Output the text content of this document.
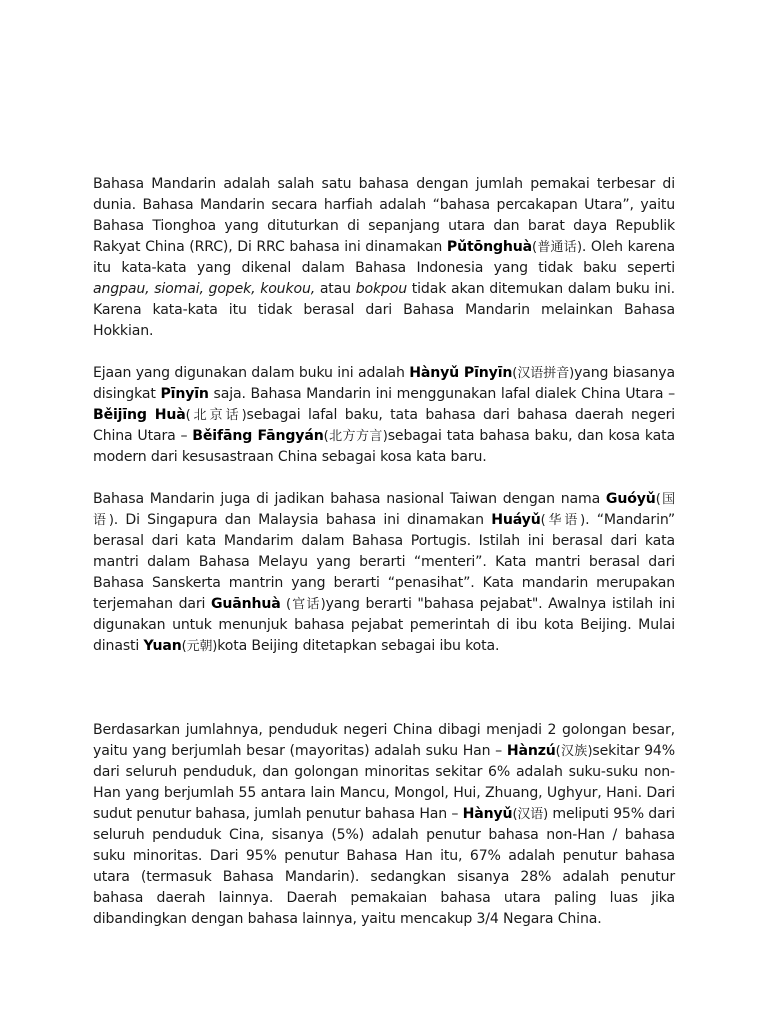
Bahasa Mandarin adalah salah satu bahasa dengan jumlah pemakai terbesar di dunia. Bahasa Mandarin secara harfiah adalah “bahasa percakapan Utara”, yaitu Bahasa Tionghoa yang dituturkan di sepanjang utara dan barat daya Republik Rakyat China (RRC), Di RRC bahasa ini dinamakan Pǔtōnghuà(普通话). Oleh karena itu kata-kata yang dikenal dalam Bahasa Indonesia yang tidak baku seperti angpau, siomai, gopek, koukou, atau bokpou tidak akan ditemukan dalam buku ini. Karena kata-kata itu tidak berasal dari Bahasa Mandarin melainkan Bahasa Hokkian.

Ejaan yang digunakan dalam buku ini adalah Hànyǔ Pīnyīn(汉语拼音)yang biasanya disingkat Pīnyīn saja. Bahasa Mandarin ini menggunakan lafal dialek China Utara – Běijīng Huà(北京话)sebagai lafal baku, tata bahasa dari bahasa daerah negeri China Utara – Běifāng Fāngyán(北方方言)sebagai tata bahasa baku, dan kosa kata modern dari kesusastraan China sebagai kosa kata baru.

Bahasa Mandarin juga di jadikan bahasa nasional Taiwan dengan nama Guóyǔ(国语). Di Singapura dan Malaysia bahasa ini dinamakan Huáyǔ(华语). “Mandarin” berasal dari kata Mandarim dalam Bahasa Portugis. Istilah ini berasal dari kata mantri dalam Bahasa Melayu yang berarti “menteri”. Kata mantri berasal dari Bahasa Sanskerta mantrin yang berarti “penasihat”. Kata mandarin merupakan terjemahan dari Guānhuà (官话)yang berarti "bahasa pejabat". Awalnya istilah ini digunakan untuk menunjuk bahasa pejabat pemerintah di ibu kota Beijing. Mulai dinasti Yuan(元朝)kota Beijing ditetapkan sebagai ibu kota.

Berdasarkan jumlahnya, penduduk negeri China dibagi menjadi 2 golongan besar, yaitu yang berjumlah besar (mayoritas) adalah suku Han – Hànzú(汉族)sekitar 94% dari seluruh penduduk, dan golongan minoritas sekitar 6% adalah suku-suku non-Han yang berjumlah 55 antara lain Mancu, Mongol, Hui, Zhuang, Ughyur, Hani. Dari sudut penutur bahasa, jumlah penutur bahasa Han – Hànyǔ(汉语) meliputi 95% dari seluruh penduduk Cina, sisanya (5%) adalah penutur bahasa non-Han / bahasa suku minoritas. Dari 95% penutur Bahasa Han itu, 67% adalah penutur bahasa utara (termasuk Bahasa Mandarin). sedangkan sisanya 28% adalah penutur bahasa daerah lainnya. Daerah pemakaian bahasa utara paling luas jika dibandingkan dengan bahasa lainnya, yaitu mencakup 3/4 Negara China.
